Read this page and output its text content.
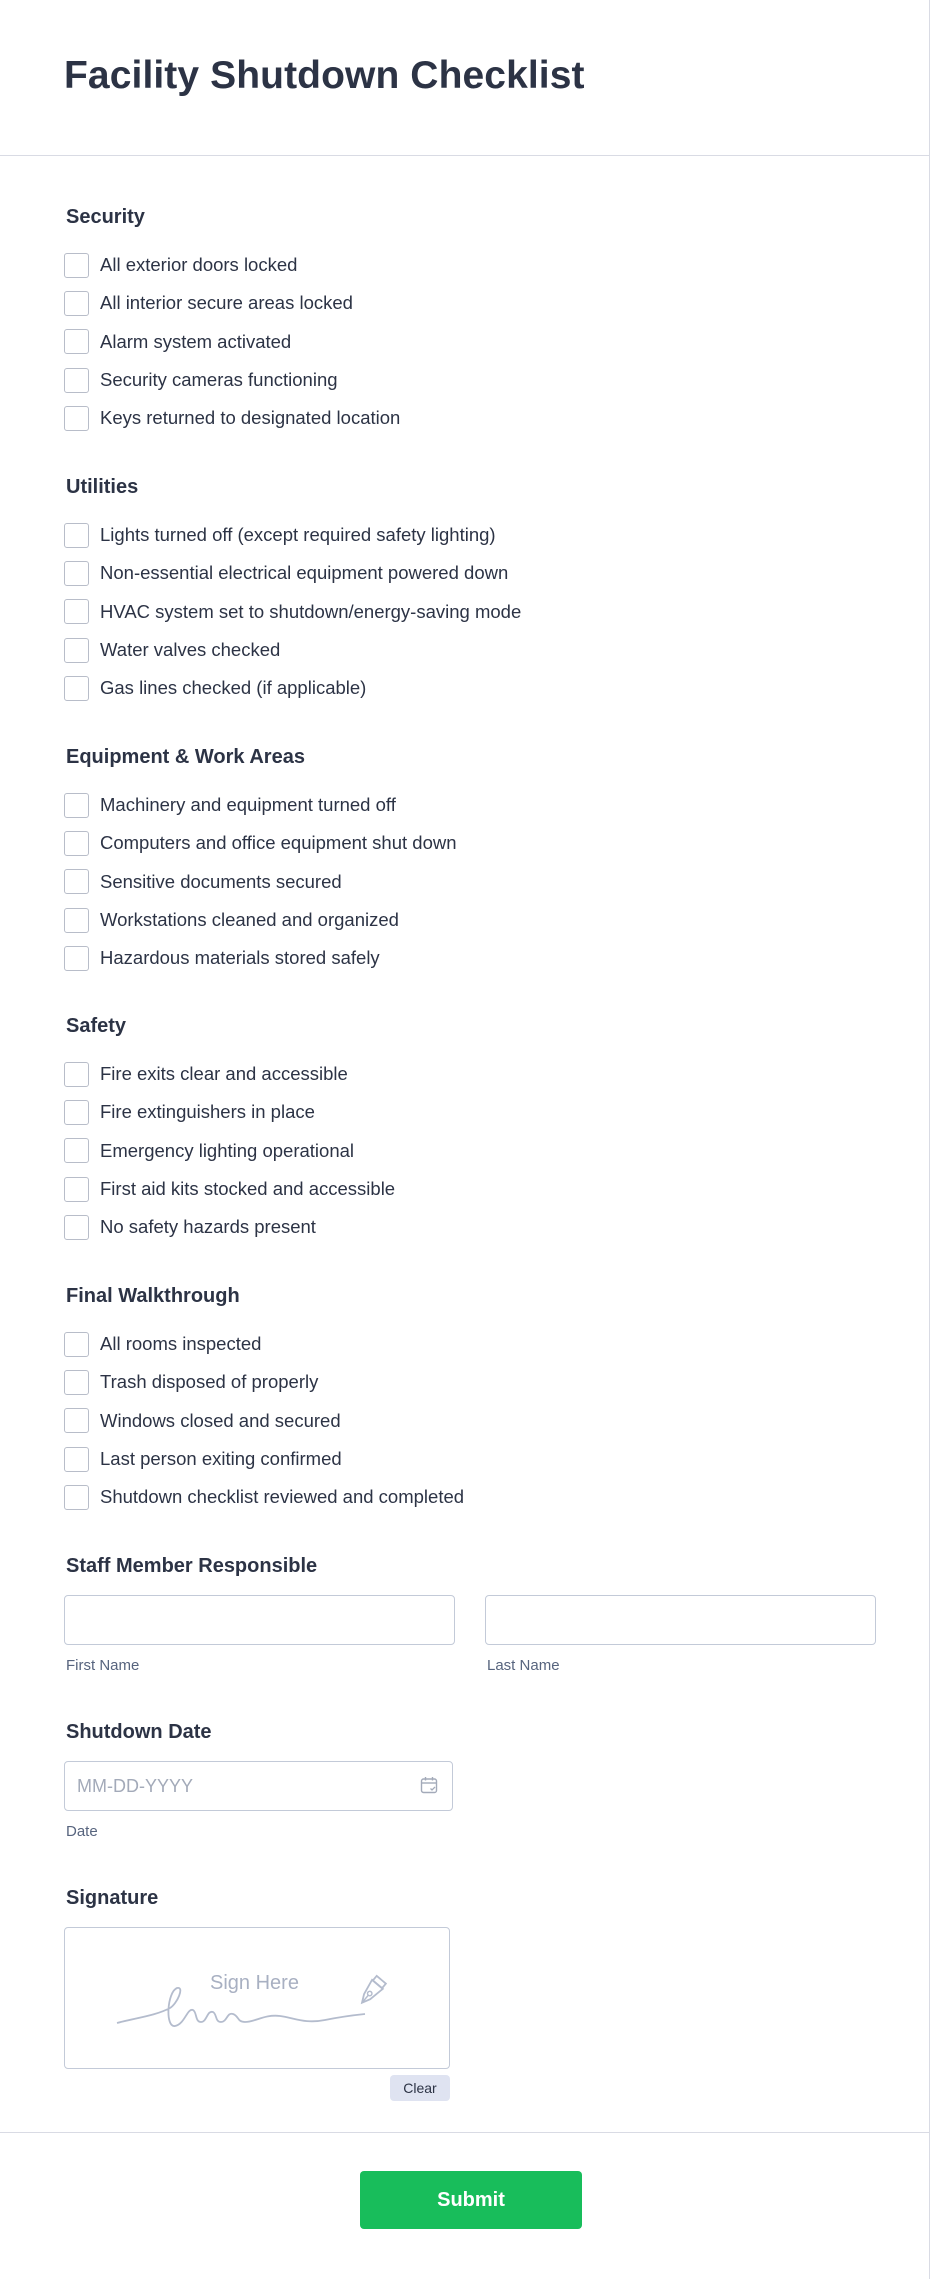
Facility Shutdown Checklist
Security
All exterior doors locked
All interior secure areas locked
Alarm system activated
Security cameras functioning
Keys returned to designated location
Utilities
Lights turned off (except required safety lighting)
Non-essential electrical equipment powered down
HVAC system set to shutdown/energy-saving mode
Water valves checked
Gas lines checked (if applicable)
Equipment & Work Areas
Machinery and equipment turned off
Computers and office equipment shut down
Sensitive documents secured
Workstations cleaned and organized
Hazardous materials stored safely
Safety
Fire exits clear and accessible
Fire extinguishers in place
Emergency lighting operational
First aid kits stocked and accessible
No safety hazards present
Final Walkthrough
All rooms inspected
Trash disposed of properly
Windows closed and secured
Last person exiting confirmed
Shutdown checklist reviewed and completed
Staff Member Responsible
First Name	Last Name
Shutdown Date
MM-DD-YYYY
Date
Signature
Sign Here
Clear
Submit
